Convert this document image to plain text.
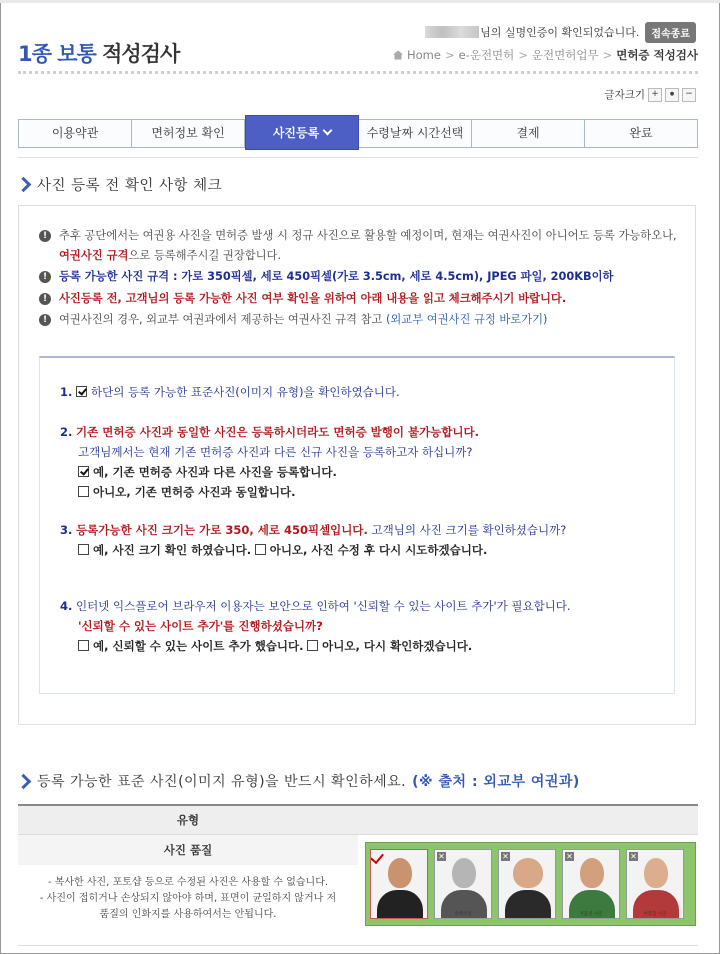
님의 실명인증이 확인되었습니다.	접속종료
1종 보통 적성검사	Home > e-운전면허 > 운전면허업무 > 면허증 적성검사
글자크기 +	●	−
이용약관	면허정보 확인	사진등록	수령날짜 시간선택	결제	완료
사진 등록 전 확인 사항 체크
!	추후 공단에서는 여권용 사진을 면허증 발생 시 정규 사진으로 활용할 예정이며, 현재는 여권사진이 아니어도 등록 가능하오나,
여권사진 규격으로 등록해주시길 권장합니다.
!	등록 가능한 사진 규격 : 가로 350픽셀, 세로 450픽셀(가로 3.5cm, 세로 4.5cm), JPEG 파일, 200KB이하
!	사진등록 전, 고객님의 등록 가능한 사진 여부 확인을 위하여 아래 내용을 읽고 체크해주시기 바랍니다.
!	여권사진의 경우, 외교부 여권과에서 제공하는 여권사진 규격 참고 (외교부 여권사진 규정 바로가기)
1. 하단의 등록 가능한 표준사진(이미지 유형)을 확인하였습니다.
2. 기존 면허증 사진과 동일한 사진은 등록하시더라도 면허증 발행이 불가능합니다.
고객님께서는 현재 기존 면허증 사진과 다른 신규 사진을 등록하고자 하십니까?
예, 기존 면허증 사진과 다른 사진을 등록합니다.
아니오, 기존 면허증 사진과 동일합니다.
3. 등록가능한 사진 크기는 가로 350, 세로 450픽셀입니다. 고객님의 사진 크기를 확인하셨습니까?
예, 사진 크기 확인 하였습니다. 아니오, 사진 수정 후 다시 시도하겠습니다.
4. 인터넷 익스플로어 브라우저 이용자는 보안으로 인하여 '신뢰할 수 있는 사이트 추가'가 필요합니다.
'신뢰할 수 있는 사이트 추가'를 진행하셨습니까?
예, 신뢰할 수 있는 사이트 추가 했습니다. 아니오, 다시 확인하겠습니다.
등록 가능한 표준 사진(이미지 유형)을 반드시 확인하세요. (※ 출처 : 외교부 여권과)
유형
사진 품질
- 복사한 사진, 포토샵 등으로 수정된 사진은 사용할 수 없습니다.
- 사진이 접히거나 손상되지 않아야 하며, 표면이 균일하지 않거나 저
품질의 인화지를 사용하여서는 안됩니다.
✕
흑백사진
✕
왜곡사진
✕
저품질 사진
✕
부분합 사진
